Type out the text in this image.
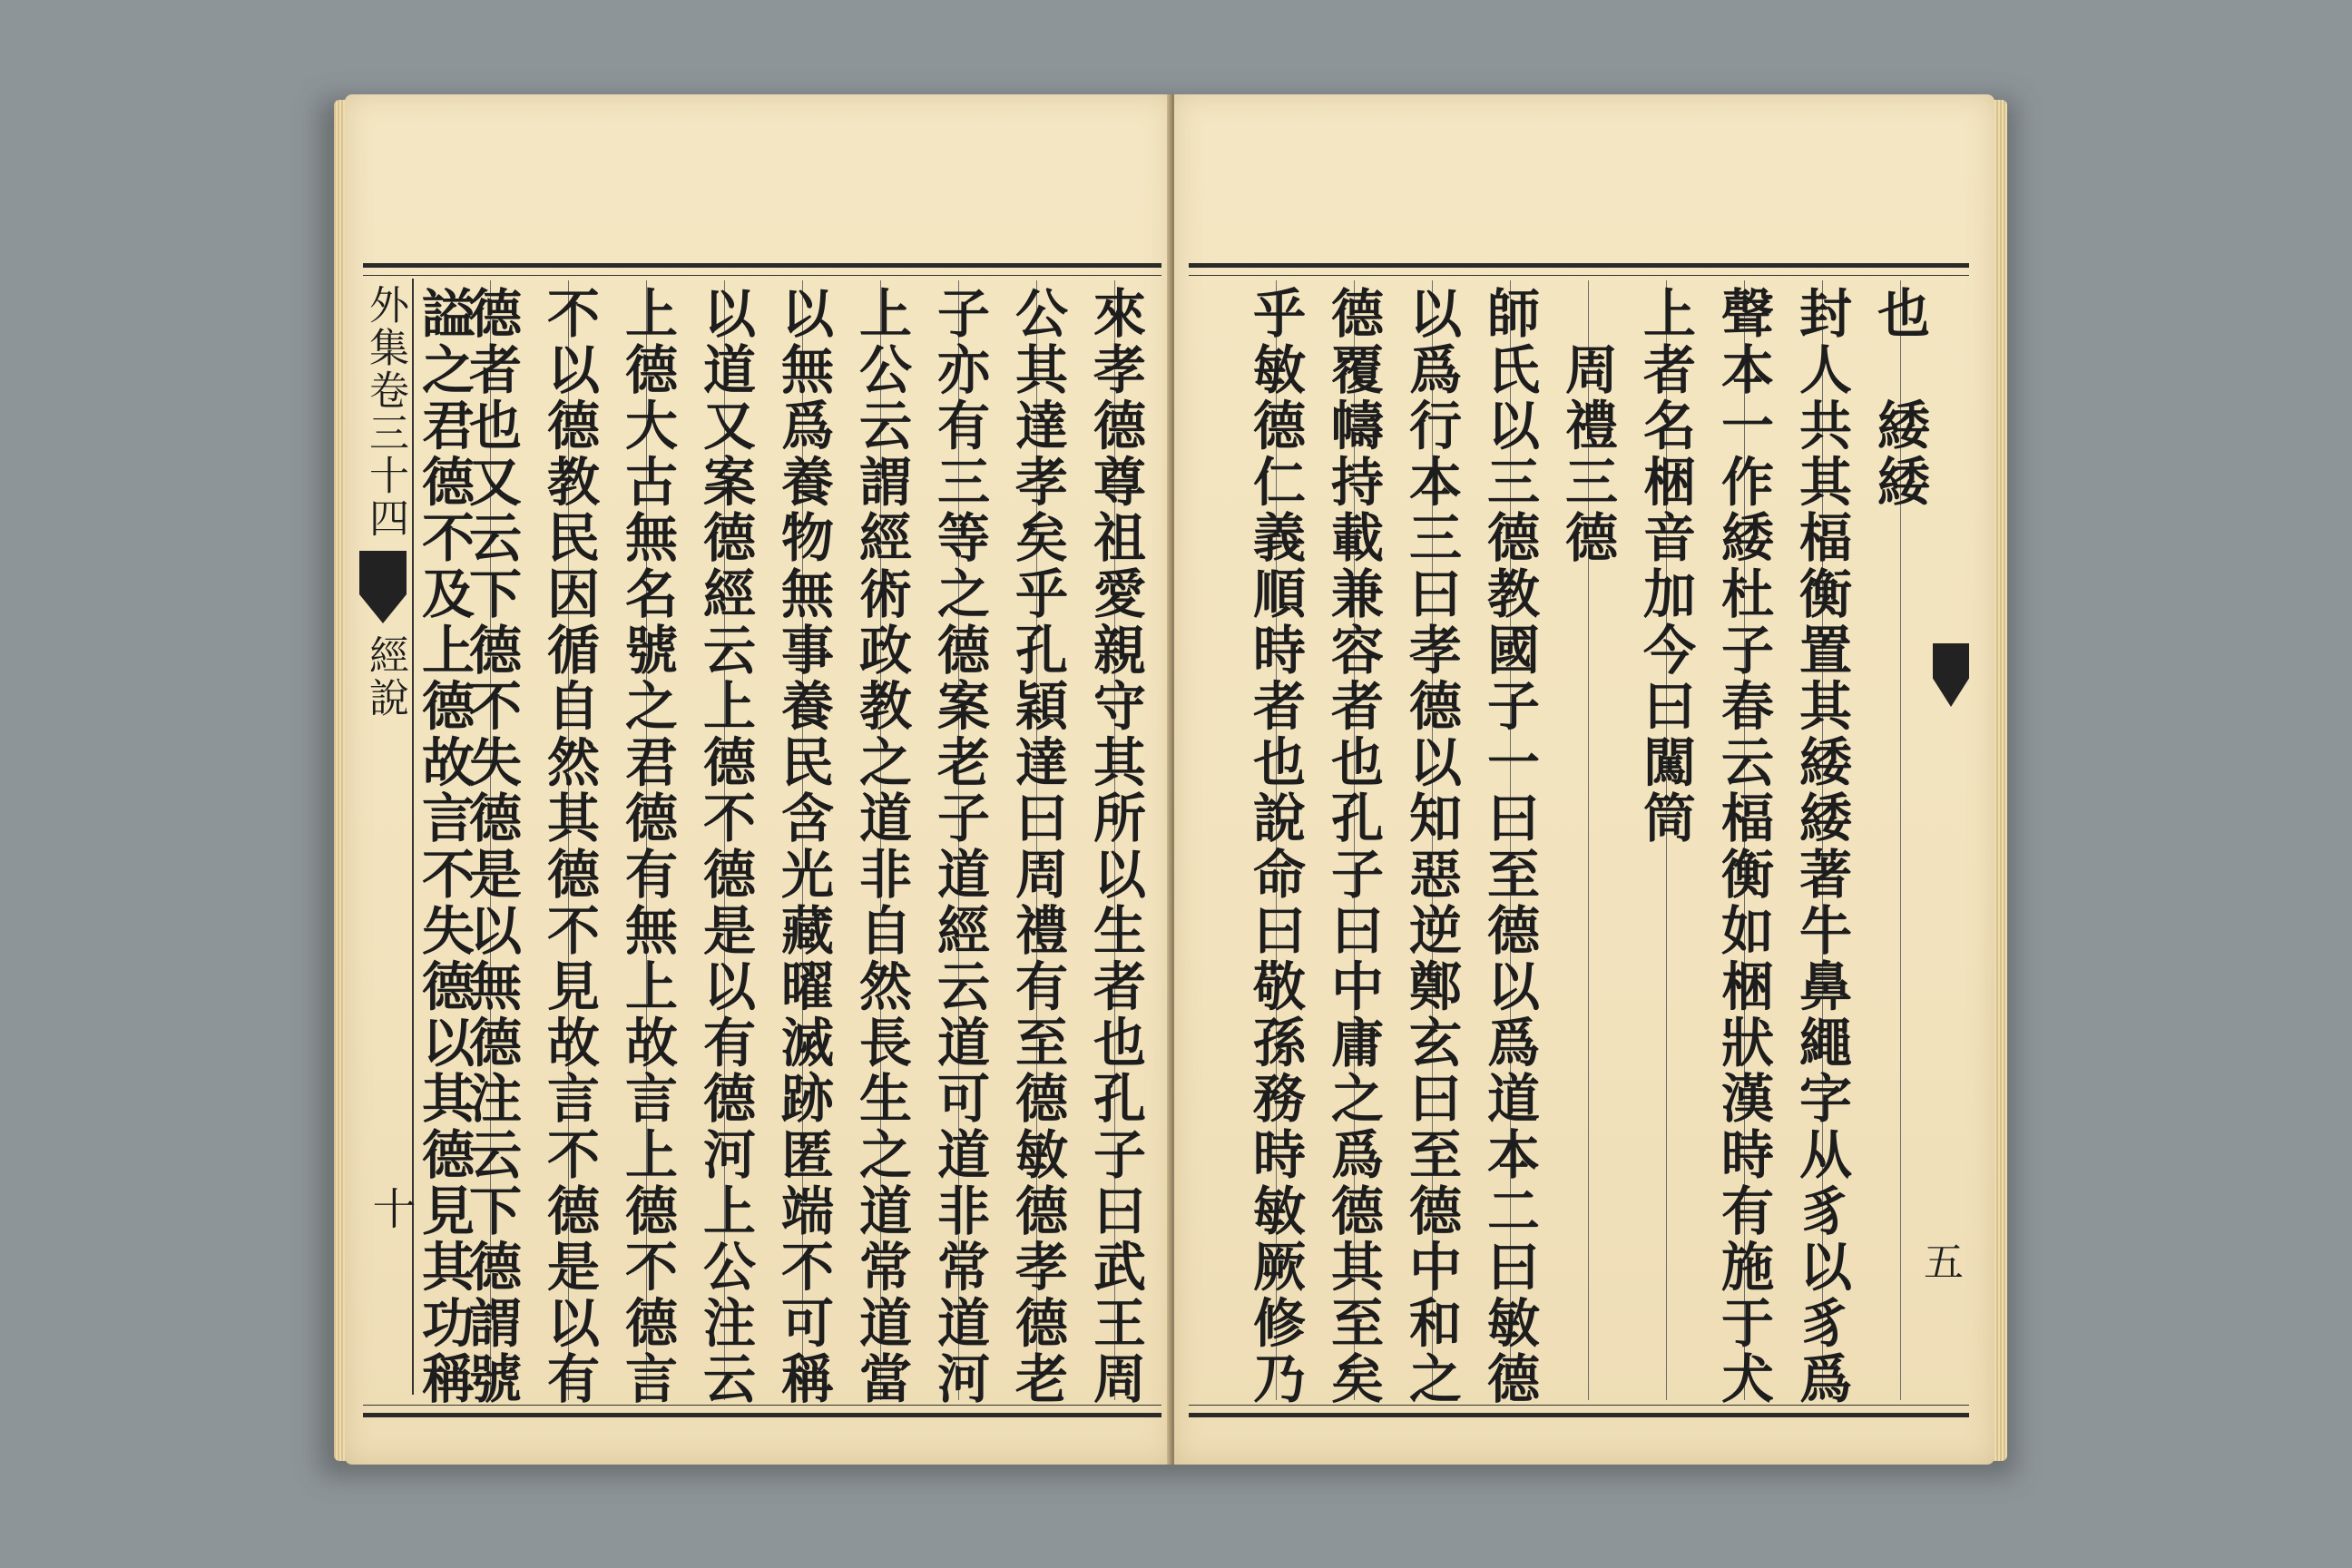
外集卷三十四
經說
十	來孝德尊祖愛親守其所以生者也孔子曰武王周
公其達孝矣乎孔穎達曰周禮有至德敏德孝德老
子亦有三等之德案老子道經云道可道非常道河
上公云謂經術政教之道非自然長生之道常道當
以無爲養物無事養民含光藏曜滅跡匿端不可稱
以道又案德經云上德不德是以有德河上公注云
上德大古無名號之君德有無上故言上德不德言
不以德教民因循自然其德不見故言不德是以有
德者也又云下德不失德是以無德注云下德謂號
謚之君德不及上德故言不失德以其德見其功稱	五
也　緌緌
封人共其楅衡置其緌緌著牛鼻繩字从豸以豸爲
聲本一作緌杜子春云楅衡如梱狀漢時有施于犬
上者名梱音加今曰闖筒
　周禮三德
師氏以三德教國子一曰至德以爲道本二曰敏德
以爲行本三曰孝德以知惡逆鄭玄曰至德中和之
德覆幬持載兼容者也孔子曰中庸之爲德其至矣
乎敏德仁義順時者也說命曰敬孫務時敏厥修乃
